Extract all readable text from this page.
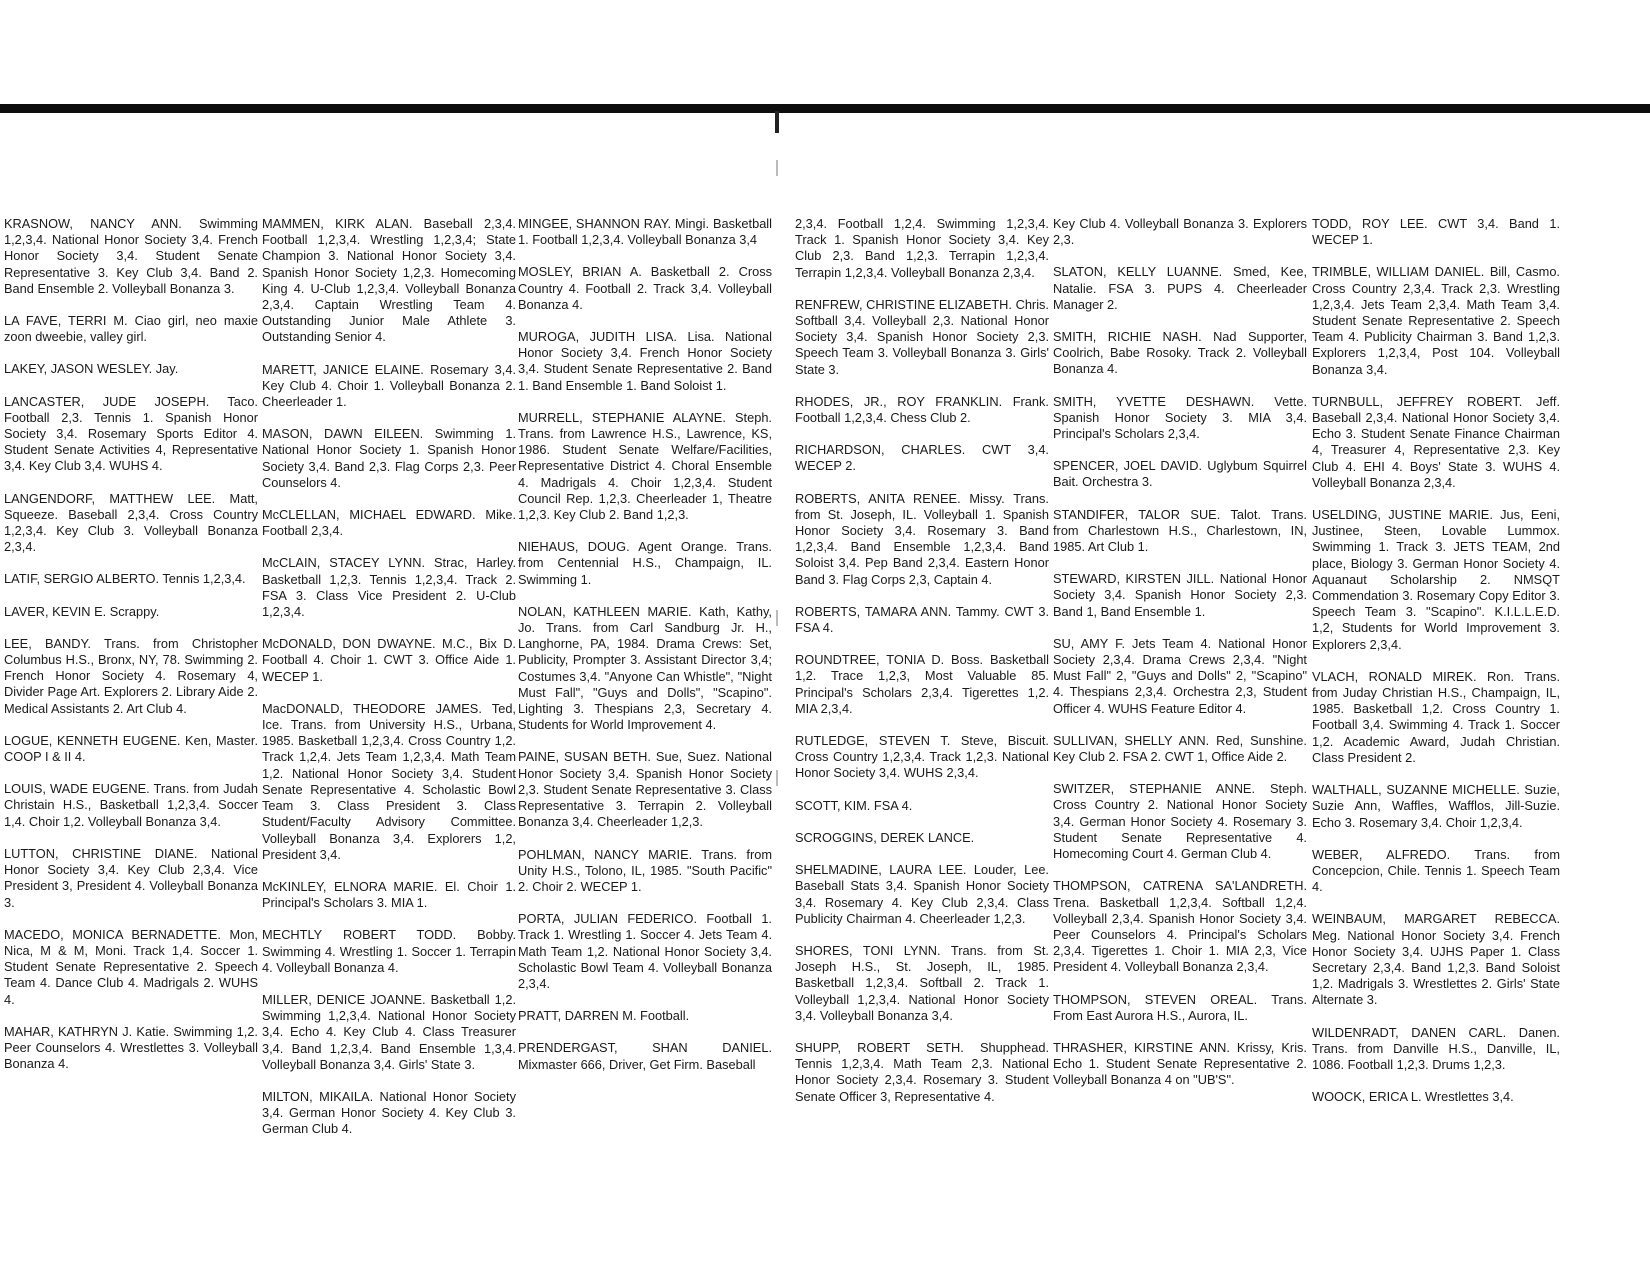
KRASNOW, NANCY ANN. Swimming 1,2,3,4. National Honor Society 3,4. French Honor Society 3,4. Student Senate Representative 3. Key Club 3,4. Band 2. Band Ensemble 2. Volleyball Bonanza 3.

LA FAVE, TERRI M. Ciao girl, neo maxie zoon dweebie, valley girl.

LAKEY, JASON WESLEY. Jay.

LANCASTER, JUDE JOSEPH. Taco. Football 2,3. Tennis 1. Spanish Honor Society 3,4. Rosemary Sports Editor 4. Student Senate Activities 4, Representative 3,4. Key Club 3,4. WUHS 4.

LANGENDORF, MATTHEW LEE. Matt, Squeeze. Baseball 2,3,4. Cross Country 1,2,3,4. Key Club 3. Volleyball Bonanza 2,3,4.

LATIF, SERGIO ALBERTO. Tennis 1,2,3,4.

LAVER, KEVIN E. Scrappy.

LEE, BANDY. Trans. from Christopher Columbus H.S., Bronx, NY, 78. Swimming 2. French Honor Society 4. Rosemary 4, Divider Page Art. Explorers 2. Library Aide 2. Medical Assistants 2. Art Club 4.

LOGUE, KENNETH EUGENE. Ken, Master. COOP I & II 4.

LOUIS, WADE EUGENE. Trans. from Judah Christain H.S., Basketball 1,2,3,4. Soccer 1,4. Choir 1,2. Volleyball Bonanza 3,4.

LUTTON, CHRISTINE DIANE. National Honor Society 3,4. Key Club 2,3,4. Vice President 3, President 4. Volleyball Bonanza 3.

MACEDO, MONICA BERNADETTE. Mon, Nica, M & M, Moni. Track 1,4. Soccer 1. Student Senate Representative 2. Speech Team 4. Dance Club 4. Madrigals 2. WUHS 4.

MAHAR, KATHRYN J. Katie. Swimming 1,2. Peer Counselors 4. Wrestlettes 3. Volleyball Bonanza 4.

MAMMEN, KIRK ALAN. Baseball 2,3,4. Football 1,2,3,4. Wrestling 1,2,3,4; State Champion 3. National Honor Society 3,4. Spanish Honor Society 1,2,3. Homecoming King 4. U-Club 1,2,3,4. Volleyball Bonanza 2,3,4. Captain Wrestling Team 4. Outstanding Junior Male Athlete 3. Outstanding Senior 4.

MARETT, JANICE ELAINE. Rosemary 3,4. Key Club 4. Choir 1. Volleyball Bonanza 2. Cheerleader 1.

MASON, DAWN EILEEN. Swimming 1. National Honor Society 1. Spanish Honor Society 3,4. Band 2,3. Flag Corps 2,3. Peer Counselors 4.

McCLELLAN, MICHAEL EDWARD. Mike. Football 2,3,4.

McCLAIN, STACEY LYNN. Strac, Harley. Basketball 1,2,3. Tennis 1,2,3,4. Track 2. FSA 3. Class Vice President 2. U-Club 1,2,3,4.

McDONALD, DON DWAYNE. M.C., Bix D. Football 4. Choir 1. CWT 3. Office Aide 1. WECEP 1.

MacDONALD, THEODORE JAMES. Ted, Ice. Trans. from University H.S., Urbana, 1985. Basketball 1,2,3,4. Cross Country 1,2. Track 1,2,4. Jets Team 1,2,3,4. Math Team 1,2. National Honor Society 3,4. Student Senate Representative 4. Scholastic Bowl Team 3. Class President 3. Class Student/Faculty Advisory Committee. Volleyball Bonanza 3,4. Explorers 1,2, President 3,4.

McKINLEY, ELNORA MARIE. El. Choir 1. Principal's Scholars 3. MIA 1.

MECHTLY ROBERT TODD. Bobby. Swimming 4. Wrestling 1. Soccer 1. Terrapin 4. Volleyball Bonanza 4.

MILLER, DENICE JOANNE. Basketball 1,2. Swimming 1,2,3,4. National Honor Society 3,4. Echo 4. Key Club 4. Class Treasurer 3,4. Band 1,2,3,4. Band Ensemble 1,3,4. Volleyball Bonanza 3,4. Girls' State 3.

MILTON, MIKAILA. National Honor Society 3,4. German Honor Society 4. Key Club 3. German Club 4.

MINGEE, SHANNON RAY. Mingi. Basketball 1. Football 1,2,3,4. Volleyball Bonanza 3,4

MOSLEY, BRIAN A. Basketball 2. Cross Country 4. Football 2. Track 3,4. Volleyball Bonanza 4.

MUROGA, JUDITH LISA. Lisa. National Honor Society 3,4. French Honor Society 3,4. Student Senate Representative 2. Band 1. Band Ensemble 1. Band Soloist 1.

MURRELL, STEPHANIE ALAYNE. Steph. Trans. from Lawrence H.S., Lawrence, KS, 1986. Student Senate Welfare/Facilities, Representative District 4. Choral Ensemble 4. Madrigals 4. Choir 1,2,3,4. Student Council Rep. 1,2,3. Cheerleader 1, Theatre 1,2,3. Key Club 2. Band 1,2,3.

NIEHAUS, DOUG. Agent Orange. Trans. from Centennial H.S., Champaign, IL. Swimming 1.

NOLAN, KATHLEEN MARIE. Kath, Kathy, Jo. Trans. from Carl Sandburg Jr. H., Langhorne, PA, 1984. Drama Crews: Set, Publicity, Prompter 3. Assistant Director 3,4; Costumes 3,4. "Anyone Can Whistle", "Night Must Fall", "Guys and Dolls", "Scapino". Lighting 3. Thespians 2,3, Secretary 4. Students for World Improvement 4.

PAINE, SUSAN BETH. Sue, Suez. National Honor Society 3,4. Spanish Honor Society 2,3. Student Senate Representative 3. Class Representative 3. Terrapin 2. Volleyball Bonanza 3,4. Cheerleader 1,2,3.

POHLMAN, NANCY MARIE. Trans. from Unity H.S., Tolono, IL, 1985. "South Pacific" 2. Choir 2. WECEP 1.

PORTA, JULIAN FEDERICO. Football 1. Track 1. Wrestling 1. Soccer 4. Jets Team 4. Math Team 1,2. National Honor Society 3,4. Scholastic Bowl Team 4. Volleyball Bonanza 2,3,4.

PRATT, DARREN M. Football.

PRENDERGAST, SHAN DANIEL. Mixmaster 666, Driver, Get Firm. Baseball

2,3,4. Football 1,2,4. Swimming 1,2,3,4. Track 1. Spanish Honor Society 3,4. Key Club 2,3. Band 1,2,3. Terrapin 1,2,3,4. Terrapin 1,2,3,4. Volleyball Bonanza 2,3,4.

RENFREW, CHRISTINE ELIZABETH. Chris. Softball 3,4. Volleyball 2,3. National Honor Society 3,4. Spanish Honor Society 2,3. Speech Team 3. Volleyball Bonanza 3. Girls' State 3.

RHODES, JR., ROY FRANKLIN. Frank. Football 1,2,3,4. Chess Club 2.

RICHARDSON, CHARLES. CWT 3,4. WECEP 2.

ROBERTS, ANITA RENEE. Missy. Trans. from St. Joseph, IL. Volleyball 1. Spanish Honor Society 3,4. Rosemary 3. Band 1,2,3,4. Band Ensemble 1,2,3,4. Band Soloist 3,4. Pep Band 2,3,4. Eastern Honor Band 3. Flag Corps 2,3, Captain 4.

ROBERTS, TAMARA ANN. Tammy. CWT 3. FSA 4.

ROUNDTREE, TONIA D. Boss. Basketball 1,2. Trace 1,2,3, Most Valuable 85. Principal's Scholars 2,3,4. Tigerettes 1,2. MIA 2,3,4.

RUTLEDGE, STEVEN T. Steve, Biscuit. Cross Country 1,2,3,4. Track 1,2,3. National Honor Society 3,4. WUHS 2,3,4.

SCOTT, KIM. FSA 4.

SCROGGINS, DEREK LANCE.

SHELMADINE, LAURA LEE. Louder, Lee. Baseball Stats 3,4. Spanish Honor Society 3,4. Rosemary 4. Key Club 2,3,4. Class Publicity Chairman 4. Cheerleader 1,2,3.

SHORES, TONI LYNN. Trans. from St. Joseph H.S., St. Joseph, IL, 1985. Basketball 1,2,3,4. Softball 2. Track 1. Volleyball 1,2,3,4. National Honor Society 3,4. Volleyball Bonanza 3,4.

SHUPP, ROBERT SETH. Shupphead. Tennis 1,2,3,4. Math Team 2,3. National Honor Society 2,3,4. Rosemary 3. Student Senate Officer 3, Representative 4.

Key Club 4. Volleyball Bonanza 3. Explorers 2,3.

SLATON, KELLY LUANNE. Smed, Kee, Natalie. FSA 3. PUPS 4. Cheerleader Manager 2.

SMITH, RICHIE NASH. Nad Supporter, Coolrich, Babe Rosoky. Track 2. Volleyball Bonanza 4.

SMITH, YVETTE DESHAWN. Vette. Spanish Honor Society 3. MIA 3,4. Principal's Scholars 2,3,4.

SPENCER, JOEL DAVID. Uglybum Squirrel Bait. Orchestra 3.

STANDIFER, TALOR SUE. Talot. Trans. from Charlestown H.S., Charlestown, IN, 1985. Art Club 1.

STEWARD, KIRSTEN JILL. National Honor Society 3,4. Spanish Honor Society 2,3. Band 1, Band Ensemble 1.

SU, AMY F. Jets Team 4. National Honor Society 2,3,4. Drama Crews 2,3,4. "Night Must Fall" 2, "Guys and Dolls" 2, "Scapino" 4. Thespians 2,3,4. Orchestra 2,3, Student Officer 4. WUHS Feature Editor 4.

SULLIVAN, SHELLY ANN. Red, Sunshine. Key Club 2. FSA 2. CWT 1, Office Aide 2.

SWITZER, STEPHANIE ANNE. Steph. Cross Country 2. National Honor Society 3,4. German Honor Society 4. Rosemary 3. Student Senate Representative 4. Homecoming Court 4. German Club 4.

THOMPSON, CATRENA SA'LANDRETH. Trena. Basketball 1,2,3,4. Softball 1,2,4. Volleyball 2,3,4. Spanish Honor Society 3,4. Peer Counselors 4. Principal's Scholars 2,3,4. Tigerettes 1. Choir 1. MIA 2,3, Vice President 4. Volleyball Bonanza 2,3,4.

THOMPSON, STEVEN OREAL. Trans. From East Aurora H.S., Aurora, IL.

THRASHER, KIRSTINE ANN. Krissy, Kris. Echo 1. Student Senate Representative 2. Volleyball Bonanza 4 on "UB'S".

TODD, ROY LEE. CWT 3,4. Band 1. WECEP 1.

TRIMBLE, WILLIAM DANIEL. Bill, Casmo. Cross Country 2,3,4. Track 2,3. Wrestling 1,2,3,4. Jets Team 2,3,4. Math Team 3,4. Student Senate Representative 2. Speech Team 4. Publicity Chairman 3. Band 1,2,3. Explorers 1,2,3,4, Post 104. Volleyball Bonanza 3,4.

TURNBULL, JEFFREY ROBERT. Jeff. Baseball 2,3,4. National Honor Society 3,4. Echo 3. Student Senate Finance Chairman 4, Treasurer 4, Representative 2,3. Key Club 4. EHI 4. Boys' State 3. WUHS 4. Volleyball Bonanza 2,3,4.

USELDING, JUSTINE MARIE. Jus, Eeni, Justinee, Steen, Lovable Lummox. Swimming 1. Track 3. JETS TEAM, 2nd place, Biology 3. German Honor Society 4. Aquanaut Scholarship 2. NMSQT Commendation 3. Rosemary Copy Editor 3. Speech Team 3. "Scapino". K.I.L.L.E.D. 1,2, Students for World Improvement 3. Explorers 2,3,4.

VLACH, RONALD MIREK. Ron. Trans. from Juday Christian H.S., Champaign, IL, 1985. Basketball 1,2. Cross Country 1. Football 3,4. Swimming 4. Track 1. Soccer 1,2. Academic Award, Judah Christian. Class President 2.

WALTHALL, SUZANNE MICHELLE. Suzie, Suzie Ann, Waffles, Wafflos, Jill-Suzie. Echo 3. Rosemary 3,4. Choir 1,2,3,4.

WEBER, ALFREDO. Trans. from Concepcion, Chile. Tennis 1. Speech Team 4.

WEINBAUM, MARGARET REBECCA. Meg. National Honor Society 3,4. French Honor Society 3,4. UJHS Paper 1. Class Secretary 2,3,4. Band 1,2,3. Band Soloist 1,2. Madrigals 3. Wrestlettes 2. Girls' State Alternate 3.

WILDENRADT, DANEN CARL. Danen. Trans. from Danville H.S., Danville, IL, 1086. Football 1,2,3. Drums 1,2,3.

WOOCK, ERICA L. Wrestlettes 3,4.
